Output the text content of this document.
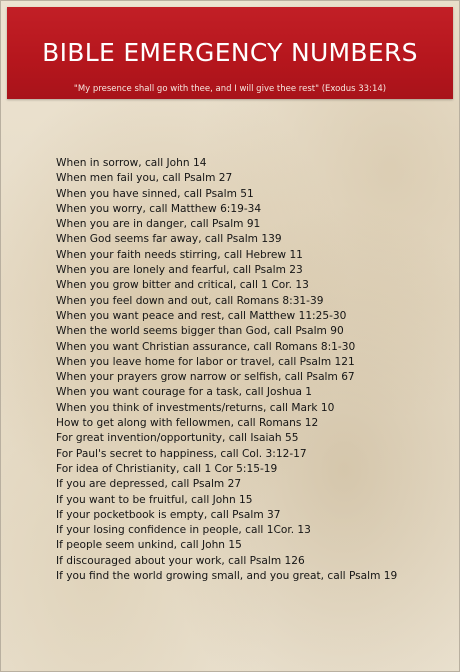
BIBLE EMERGENCY NUMBERS
"My presence shall go with thee, and I will give thee rest" (Exodus 33:14)
When in sorrow, call John 14
When men fail you, call Psalm 27
When you have sinned, call Psalm 51
When you worry, call Matthew 6:19-34
When you are in danger, call Psalm 91
When God seems far away, call Psalm 139
When your faith needs stirring, call Hebrew 11
When you are lonely and fearful, call Psalm 23
When you grow bitter and critical, call 1 Cor. 13
When you feel down and out, call Romans 8:31-39
When you want peace and rest, call Matthew 11:25-30
When the world seems bigger than God, call Psalm 90
When you want Christian assurance, call Romans 8:1-30
When you leave home for labor or travel, call Psalm 121
When your prayers grow narrow or selfish, call Psalm 67
When you want courage for a task, call Joshua 1
When you think of investments/returns, call Mark 10
How to get along with fellowmen, call Romans 12
For great invention/opportunity, call Isaiah 55
For Paul's secret to happiness, call Col. 3:12-17
For idea of Christianity, call 1 Cor 5:15-19
If you are depressed, call Psalm 27
If you want to be fruitful, call John 15
If your pocketbook is empty, call Psalm 37
If your losing confidence in people, call 1Cor. 13
If people seem unkind, call John 15
If discouraged about your work, call Psalm 126
If you find the world growing small, and you great, call Psalm 19
